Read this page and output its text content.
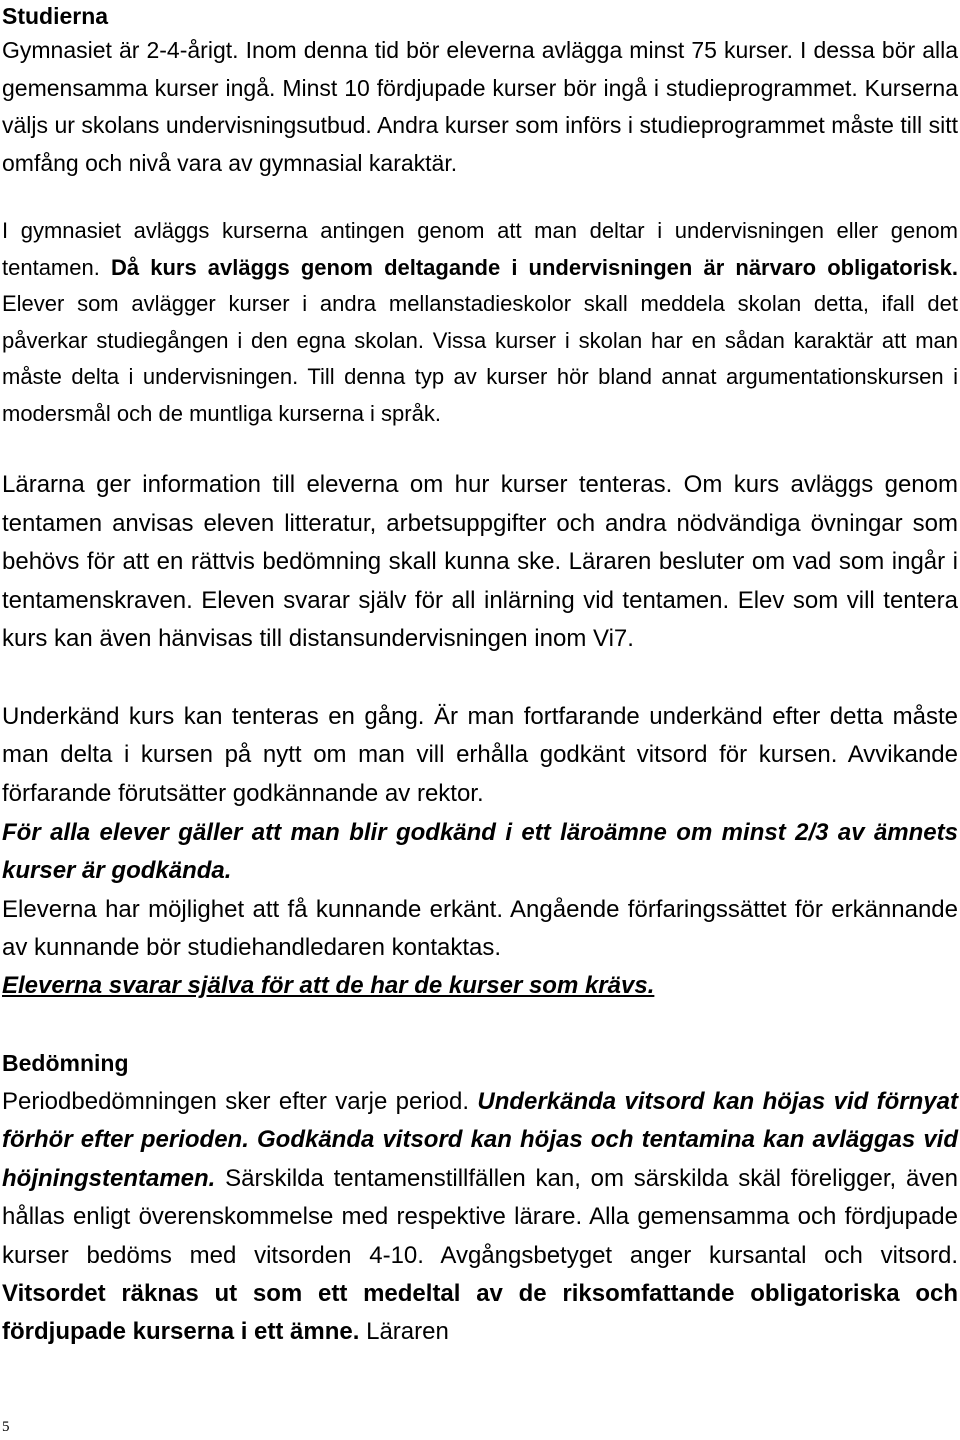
Studierna

Gymnasiet är 2-4-årigt. Inom denna tid bör eleverna avlägga minst 75 kurser. I dessa bör alla gemensamma kurser ingå. Minst 10 fördjupade kurser bör ingå i studieprogrammet. Kurserna väljs ur skolans undervisningsutbud. Andra kurser som införs i studieprogrammet måste till sitt omfång och nivå vara av gymnasial karaktär.

I gymnasiet avläggs kurserna antingen genom att man deltar i undervisningen eller genom tentamen. Då kurs avläggs genom deltagande i undervisningen är närvaro obligatorisk. Elever som avlägger kurser i andra mellanstadieskolor skall meddela skolan detta, ifall det påverkar studiegången i den egna skolan. Vissa kurser i skolan har en sådan karaktär att man måste delta i undervisningen. Till denna typ av kurser hör bland annat argumentationskursen i modersmål och de muntliga kurserna i språk.

Lärarna ger information till eleverna om hur kurser tenteras. Om kurs avläggs genom tentamen anvisas eleven litteratur, arbetsuppgifter och andra nödvändiga övningar som behövs för att en rättvis bedömning skall kunna ske. Läraren besluter om vad som ingår i tentamenskraven. Eleven svarar själv för all inlärning vid tentamen. Elev som vill tentera kurs kan även hänvisas till distansundervisningen inom Vi7.

Underkänd kurs kan tenteras en gång. Är man fortfarande underkänd efter detta måste man delta i kursen på nytt om man vill erhålla godkänt vitsord för kursen. Avvikande förfarande förutsätter godkännande av rektor.

För alla elever gäller att man blir godkänd i ett läroämne om minst 2/3 av ämnets kurser är godkända.

Eleverna har möjlighet att få kunnande erkänt. Angående förfaringssättet för erkännande av kunnande bör studiehandledaren kontaktas.

Eleverna svarar själva för att de har de kurser som krävs.

Bedömning

Periodbedömningen sker efter varje period. Underkända vitsord kan höjas vid förnyat förhör efter perioden. Godkända vitsord kan höjas och tentamina kan avläggas vid höjningstentamen. Särskilda tentamenstillfällen kan, om särskilda skäl föreligger, även hållas enligt överenskommelse med respektive lärare. Alla gemensamma och fördjupade kurser bedöms med vitsorden 4-10. Avgångsbetyget anger kursantal och vitsord. Vitsordet räknas ut som ett medeltal av de riksomfattande obligatoriska och fördjupade kurserna i ett ämne. Läraren

5
